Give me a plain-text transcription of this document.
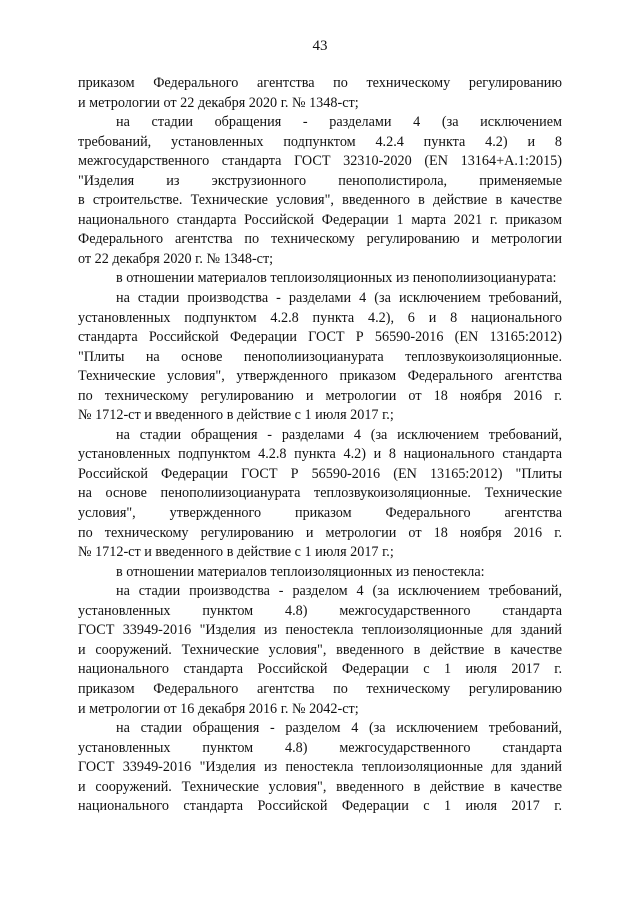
43
приказом Федерального агентства по техническому регулированию
и метрологии от 22 декабря 2020 г. № 1348-ст;
на стадии обращения - разделами 4 (за исключением
требований, установленных подпунктом 4.2.4 пункта 4.2) и 8
межгосударственного стандарта ГОСТ 32310-2020 (EN 13164+A.1:2015)
"Изделия из экструзионного пенополистирола, применяемые
в строительстве. Технические условия", введенного в действие в качестве
национального стандарта Российской Федерации 1 марта 2021 г. приказом
Федерального агентства по техническому регулированию и метрологии
от 22 декабря 2020 г. № 1348-ст;
в отношении материалов теплоизоляционных из пенополиизоцианурата:
на стадии производства - разделами 4 (за исключением требований,
установленных подпунктом 4.2.8 пункта 4.2), 6 и 8 национального
стандарта Российской Федерации ГОСТ Р 56590-2016 (EN 13165:2012)
"Плиты на основе пенополиизоцианурата теплозвукоизоляционные.
Технические условия", утвержденного приказом Федерального агентства
по техническому регулированию и метрологии от 18 ноября 2016 г.
№ 1712-ст и введенного в действие с 1 июля 2017 г.;
на стадии обращения - разделами 4 (за исключением требований,
установленных подпунктом 4.2.8 пункта 4.2) и 8 национального стандарта
Российской Федерации ГОСТ Р 56590-2016 (EN 13165:2012) "Плиты
на основе пенополиизоцианурата теплозвукоизоляционные. Технические
условия", утвержденного приказом Федерального агентства
по техническому регулированию и метрологии от 18 ноября 2016 г.
№ 1712-ст и введенного в действие с 1 июля 2017 г.;
в отношении материалов теплоизоляционных из пеностекла:
на стадии производства - разделом 4 (за исключением требований,
установленных пунктом 4.8) межгосударственного стандарта
ГОСТ 33949-2016 "Изделия из пеностекла теплоизоляционные для зданий
и сооружений. Технические условия", введенного в действие в качестве
национального стандарта Российской Федерации с 1 июля 2017 г.
приказом Федерального агентства по техническому регулированию
и метрологии от 16 декабря 2016 г. № 2042-ст;
на стадии обращения - разделом 4 (за исключением требований,
установленных пунктом 4.8) межгосударственного стандарта
ГОСТ 33949-2016 "Изделия из пеностекла теплоизоляционные для зданий
и сооружений. Технические условия", введенного в действие в качестве
национального стандарта Российской Федерации с 1 июля 2017 г.
